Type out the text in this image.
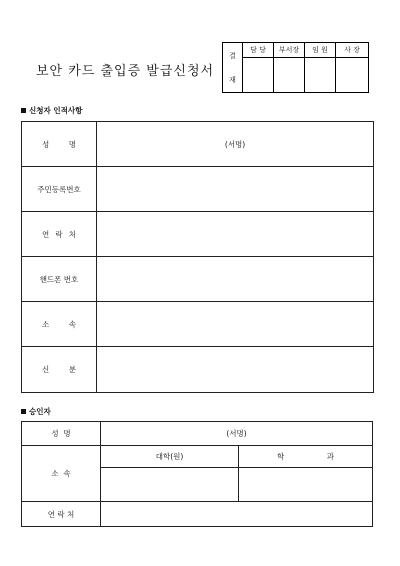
보안 카드 출입증 발급신청서
결
재	담 당	부서장	임 원	사 장

신청자 인적사항
성 명	(서명)
주민등록번호	

연 락 처	

핸드폰 번호	

소 속	

신 분	

승인자
성  명	(서명)	
소  속	대학(원)	학 과

연 락 처		
